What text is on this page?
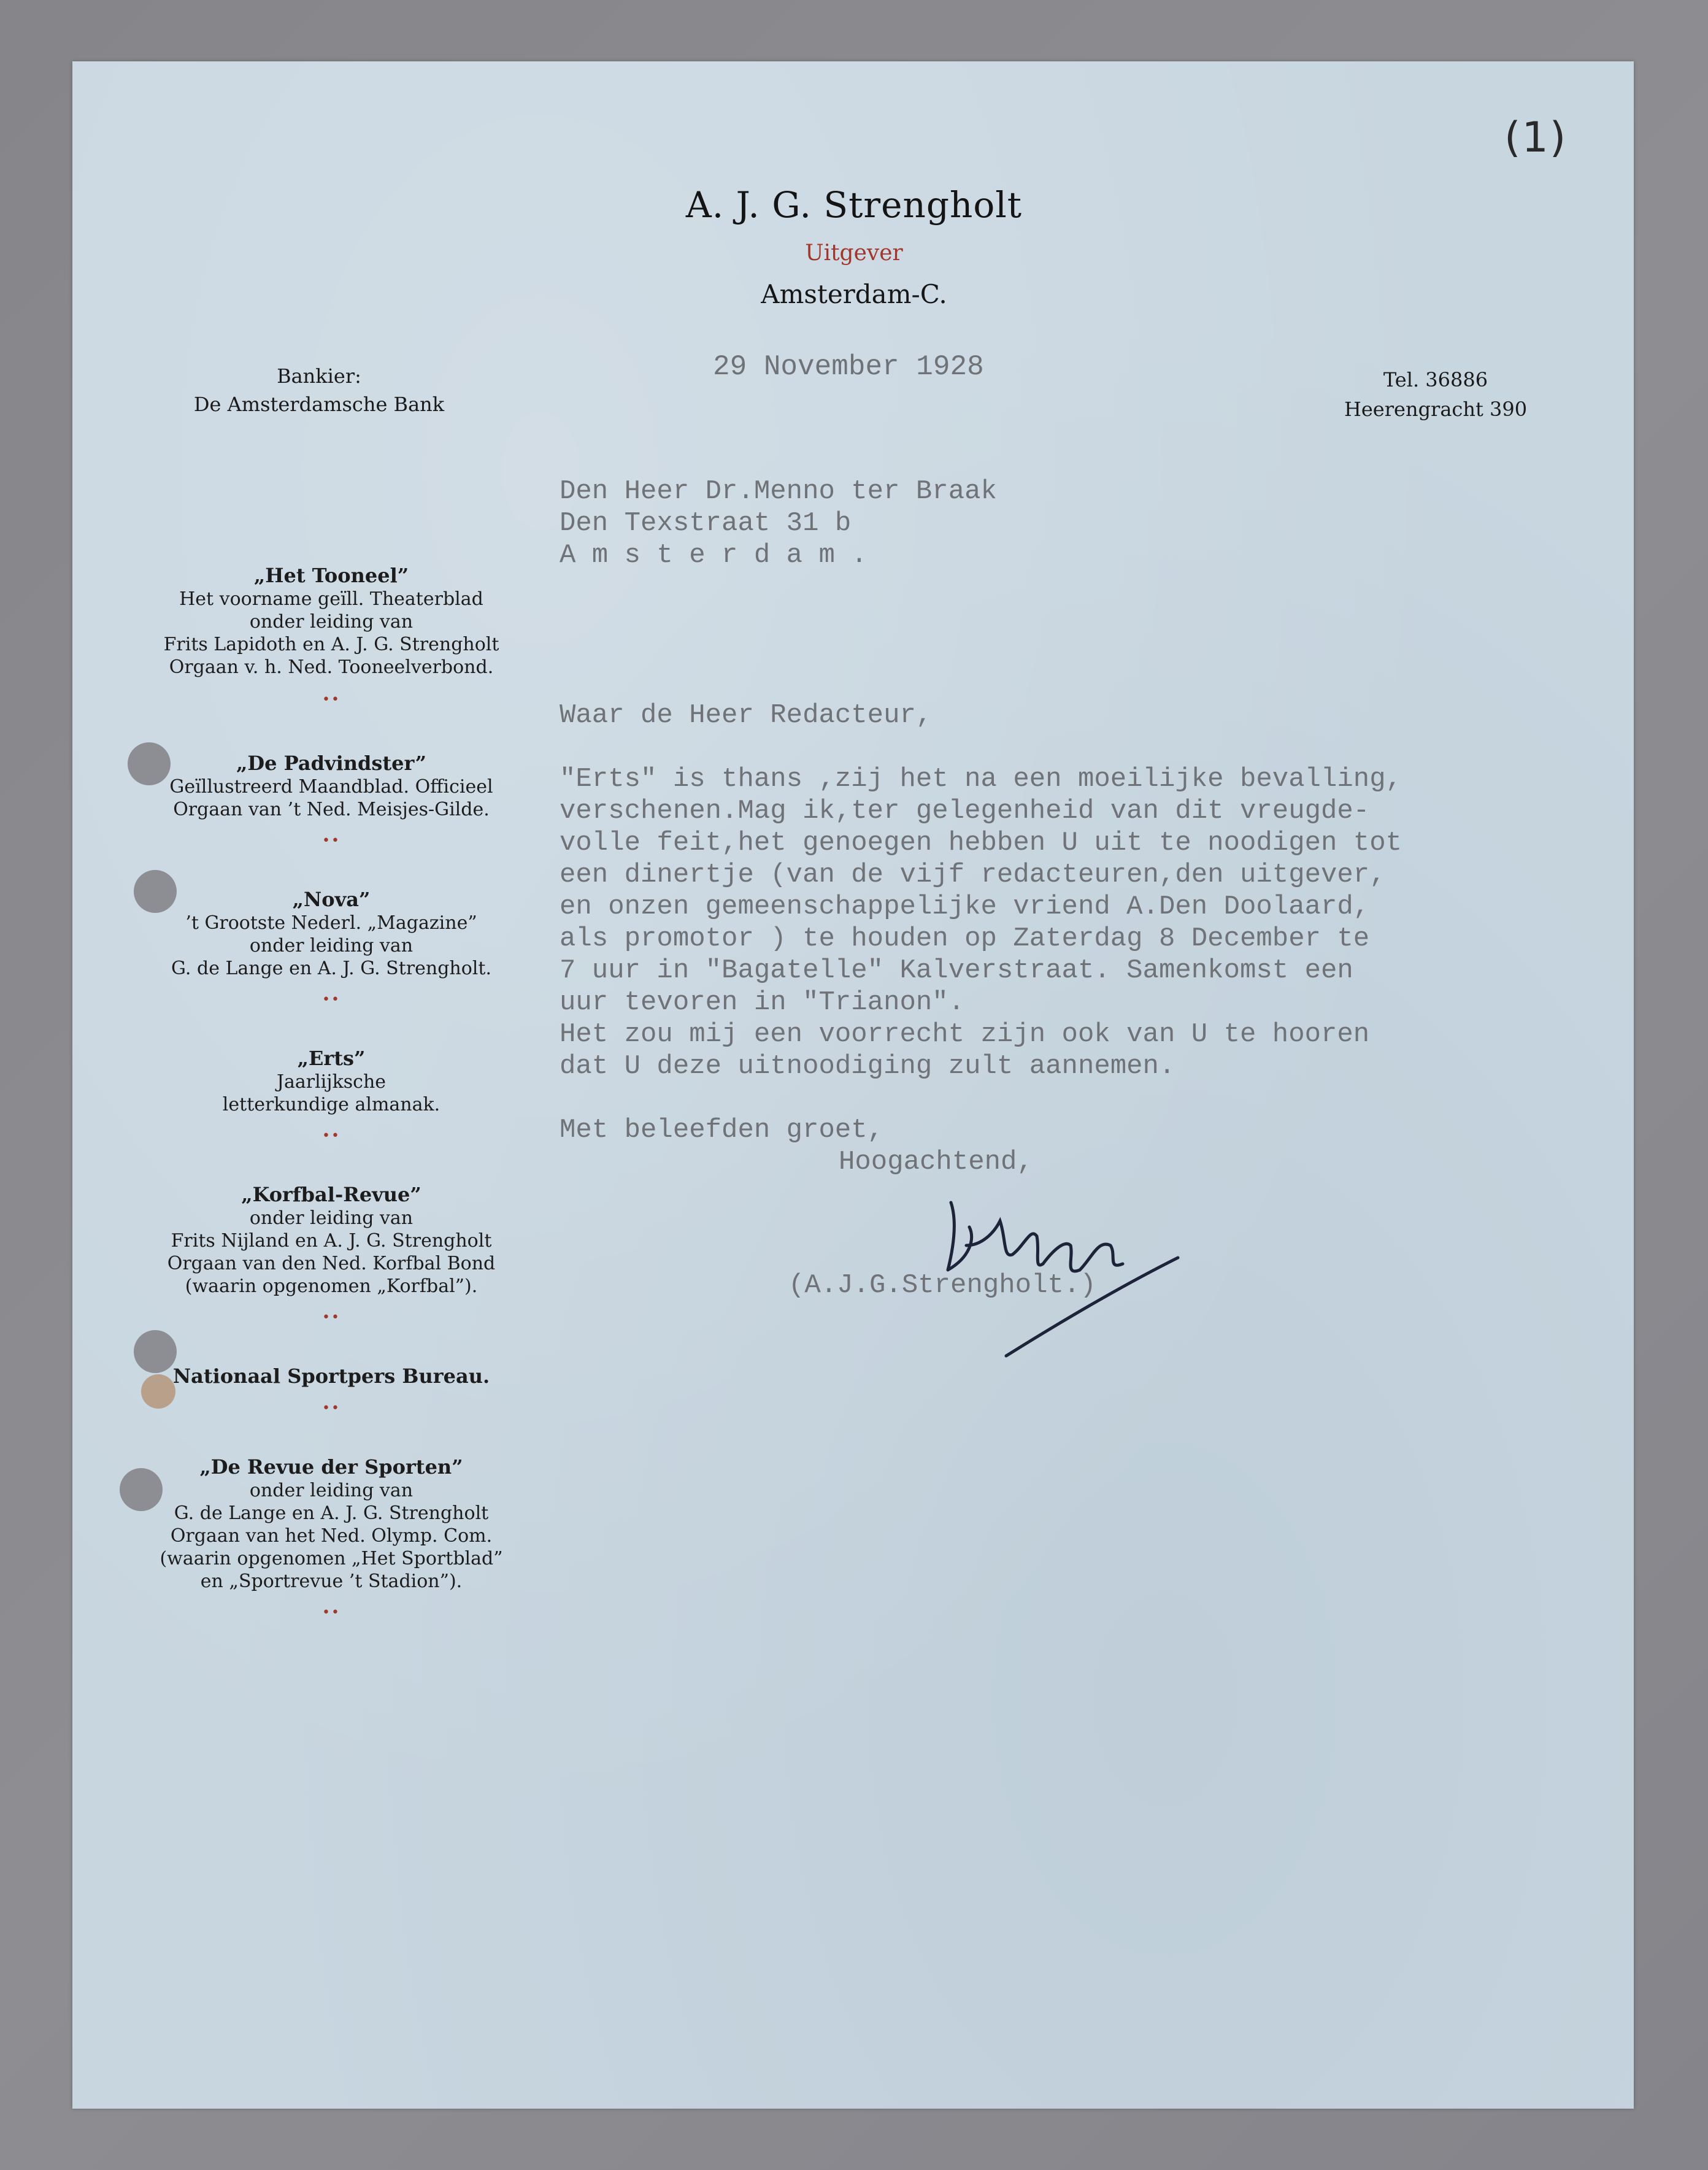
(1)
A. J. G. Strengholt
Uitgever
Amsterdam-C.
Bankier:
De Amsterdamsche Bank
Tel. 36886
Heerengracht 390
„Het Tooneel”
Het voorname geïll. Theaterblad
onder leiding van
Frits Lapidoth en A. J. G. Strengholt
Orgaan v. h. Ned. Tooneelverbond.
••
„De Padvindster”
Geïllustreerd Maandblad. Officieel
Orgaan van ’t Ned. Meisjes-Gilde.
••
„Nova”
’t Grootste Nederl. „Magazine”
onder leiding van
G. de Lange en A. J. G. Strengholt.
••
„Erts”
Jaarlijksche
letterkundige almanak.
••
„Korfbal-Revue”
onder leiding van
Frits Nijland en A. J. G. Strengholt
Orgaan van den Ned. Korfbal Bond
(waarin opgenomen „Korfbal”).
••
Nationaal Sportpers Bureau.
••
„De Revue der Sporten”
onder leiding van
G. de Lange en A. J. G. Strengholt
Orgaan van het Ned. Olymp. Com.
(waarin opgenomen „Het Sportblad”
en „Sportrevue ’t Stadion”).
••
29 November 1928
Den Heer Dr.Menno ter Braak
Den Texstraat 31 b
A m s t e r d a m .
Waar de Heer Redacteur,
"Erts" is thans ,zij het na een moeilijke bevalling,
verschenen.Mag ik,ter gelegenheid van dit vreugde-
volle feit,het genoegen hebben U uit te noodigen tot
een dinertje (van de vijf redacteuren,den uitgever,
en onzen gemeenschappelijke vriend A.Den Doolaard,
als promotor ) te houden op Zaterdag 8 December te
7 uur in "Bagatelle" Kalverstraat. Samenkomst een
uur tevoren in "Trianon".
Het zou mij een voorrecht zijn ook van U te hooren
dat U deze uitnoodiging zult aannemen.
Met beleefden groet,
Hoogachtend,
(A.J.G.Strengholt.)
